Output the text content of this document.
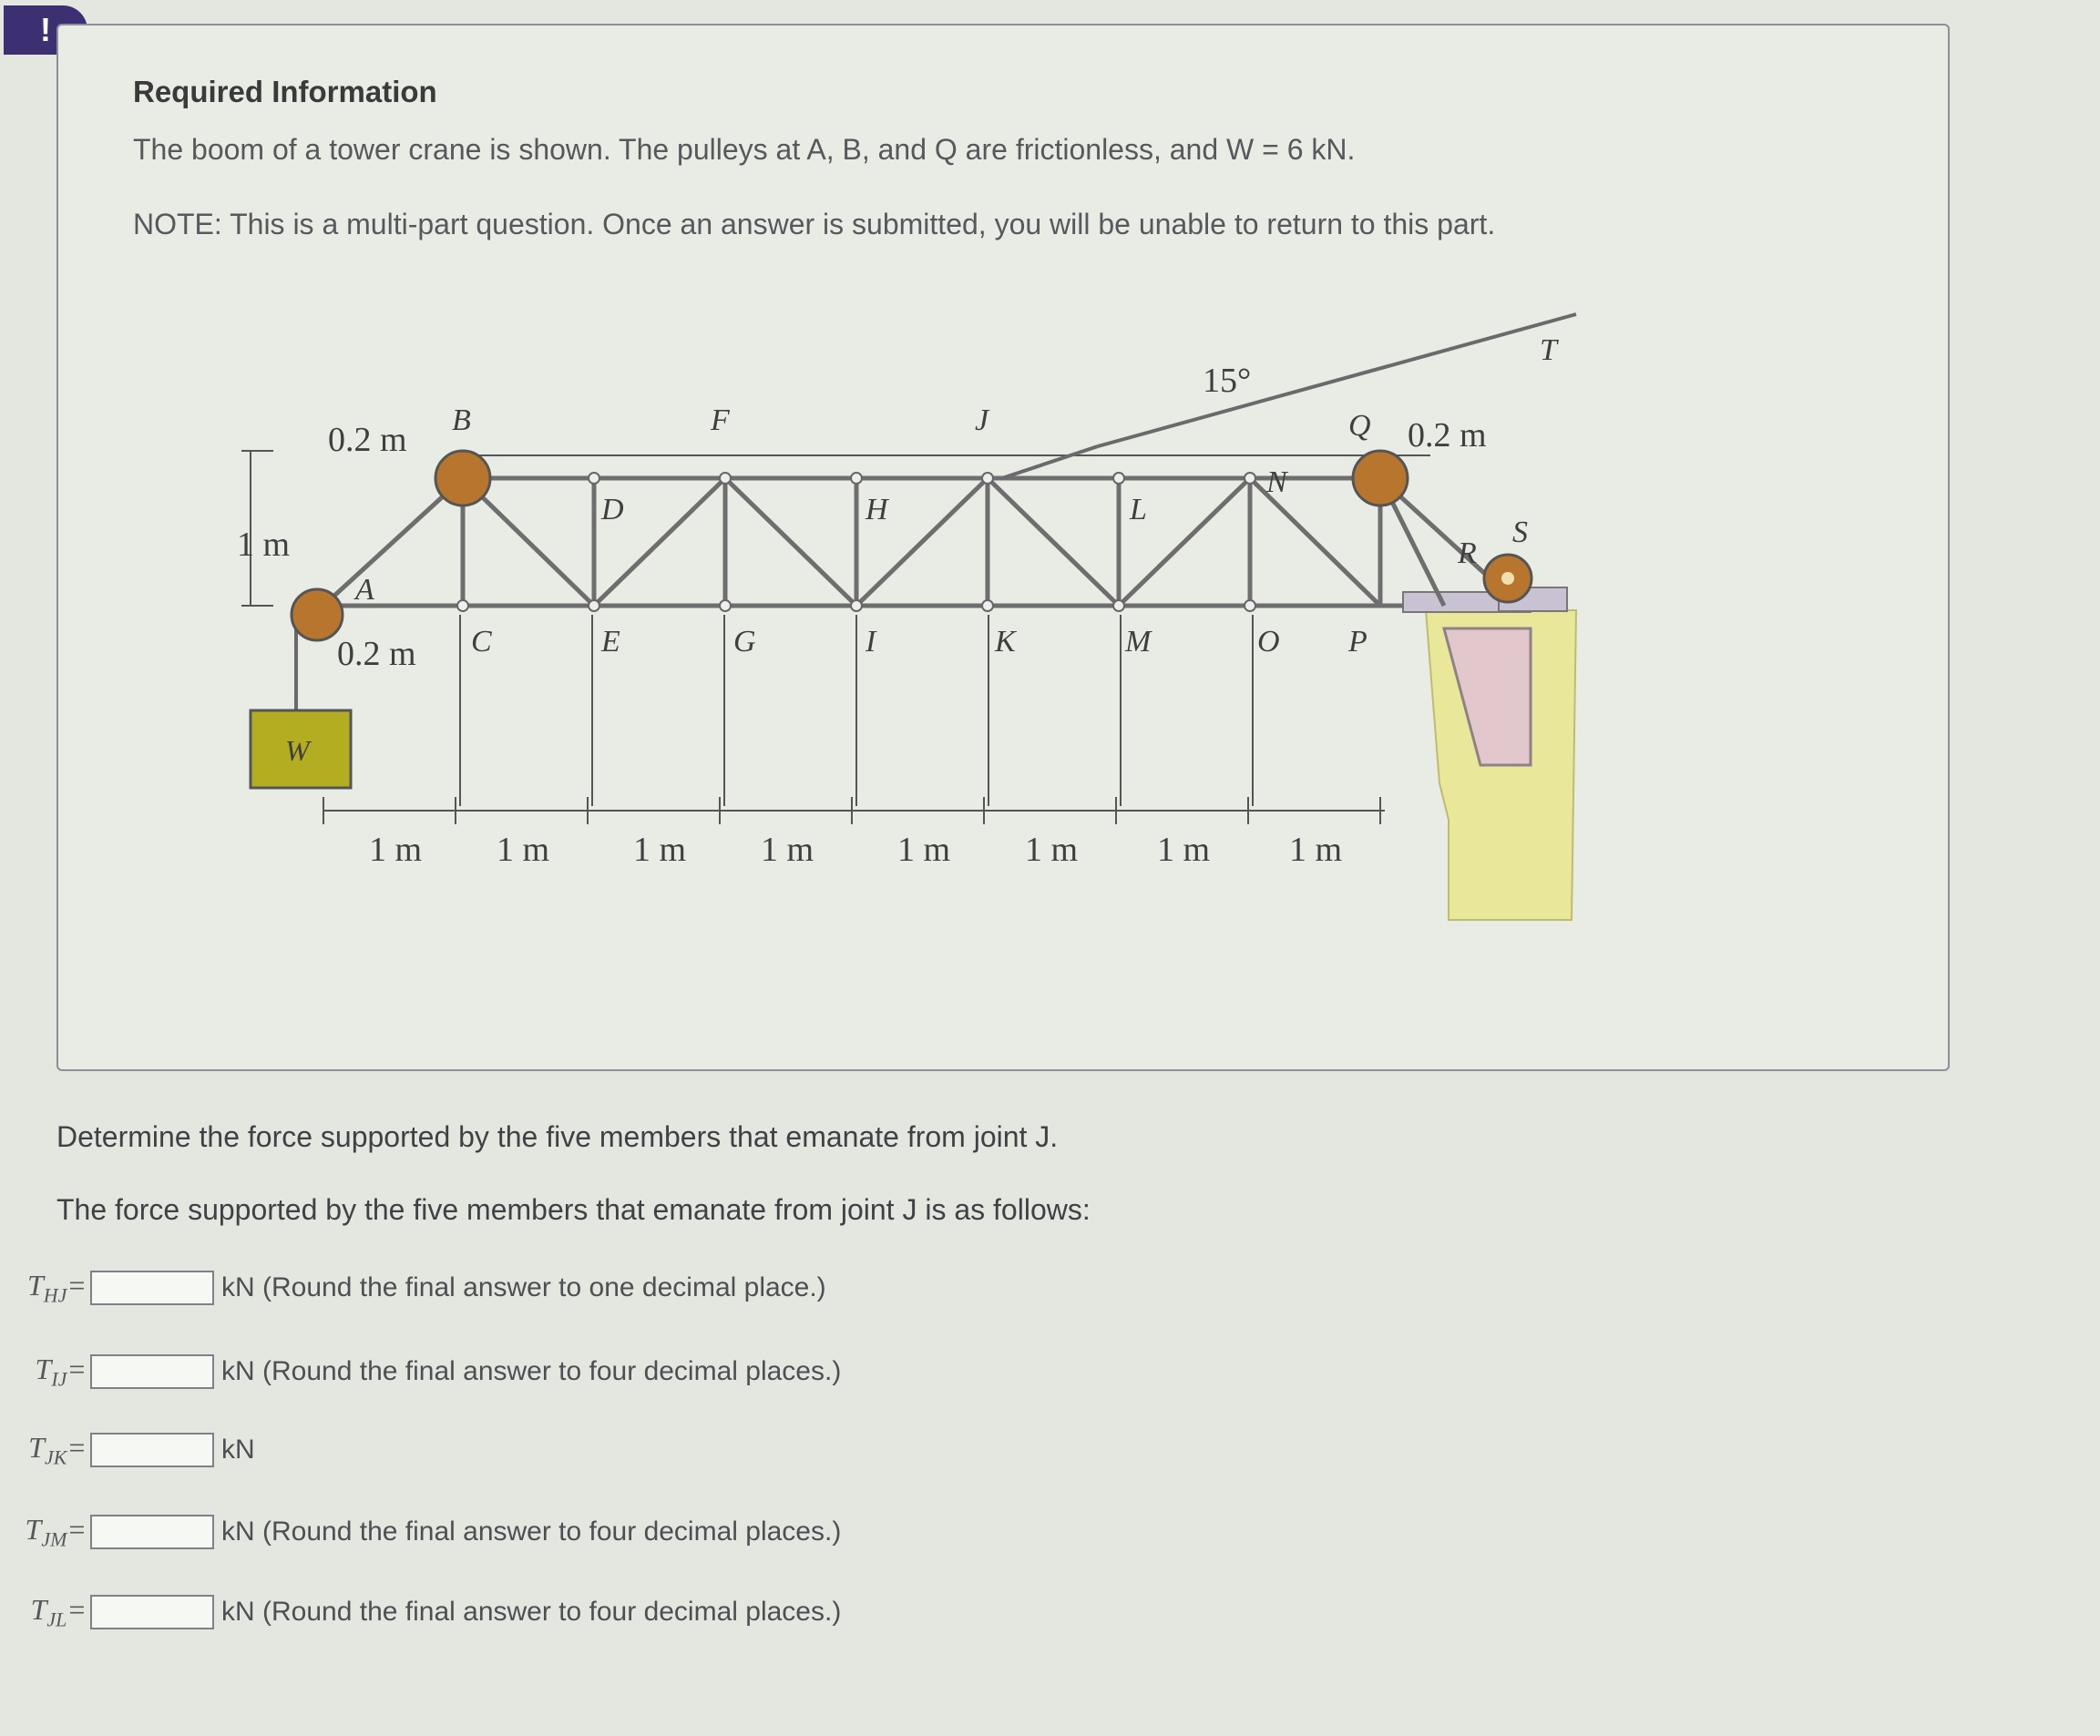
!
Required Information
The boom of a tower crane is shown. The pulleys at A, B, and Q are frictionless, and W = 6 kN.
NOTE: This is a multi-part question. Once an answer is submitted, you will be unable to return to this part.
W
A
B
C
D
E
F
G
H
I
J
K
L
M
N
O P
Q
R
S
T
0.2 m
1 m
0.2 m
0.2 m
15°
1 m 1 m 1 m 1 m 1 m 1 m 1 m 1 m
Determine the force supported by the five members that emanate from joint J.
The force supported by the five members that emanate from joint J is as follows:
$T_{HJ}=$	kN (Round the final answer to one decimal place.)
$T_{IJ}=$	kN (Round the final answer to four decimal places.)
$T_{JK}=$	kN
$T_{JM}=$	kN (Round the final answer to four decimal places.)
$T_{JL}=$	kN (Round the final answer to four decimal places.)
